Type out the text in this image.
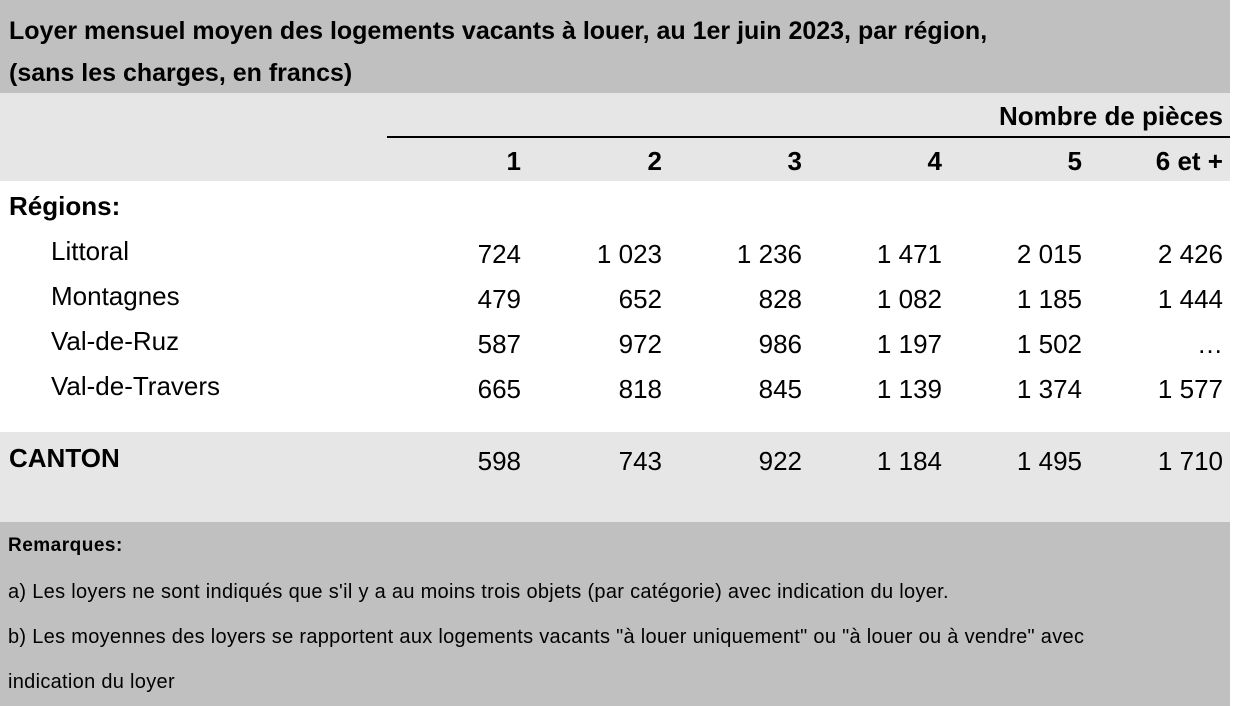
Loyer mensuel moyen des logements vacants à louer, au 1er juin 2023, par région,
(sans les charges, en francs)
Nombre de pièces
1	2	3	4	5	6 et +
Régions:
Littoral	724	1 023	1 236	1 471	2 015	2 426
Montagnes	479	652	828	1 082	1 185	1 444
Val-de-Ruz	587	972	986	1 197	1 502	…
Val-de-Travers	665	818	845	1 139	1 374	1 577
CANTON	598	743	922	1 184	1 495	1 710
Remarques:
a) Les loyers ne sont indiqués que s'il y a au moins trois objets (par catégorie) avec indication du loyer.
b) Les moyennes des loyers se rapportent aux logements vacants "à louer uniquement" ou "à louer ou à vendre" avec
indication du loyer
